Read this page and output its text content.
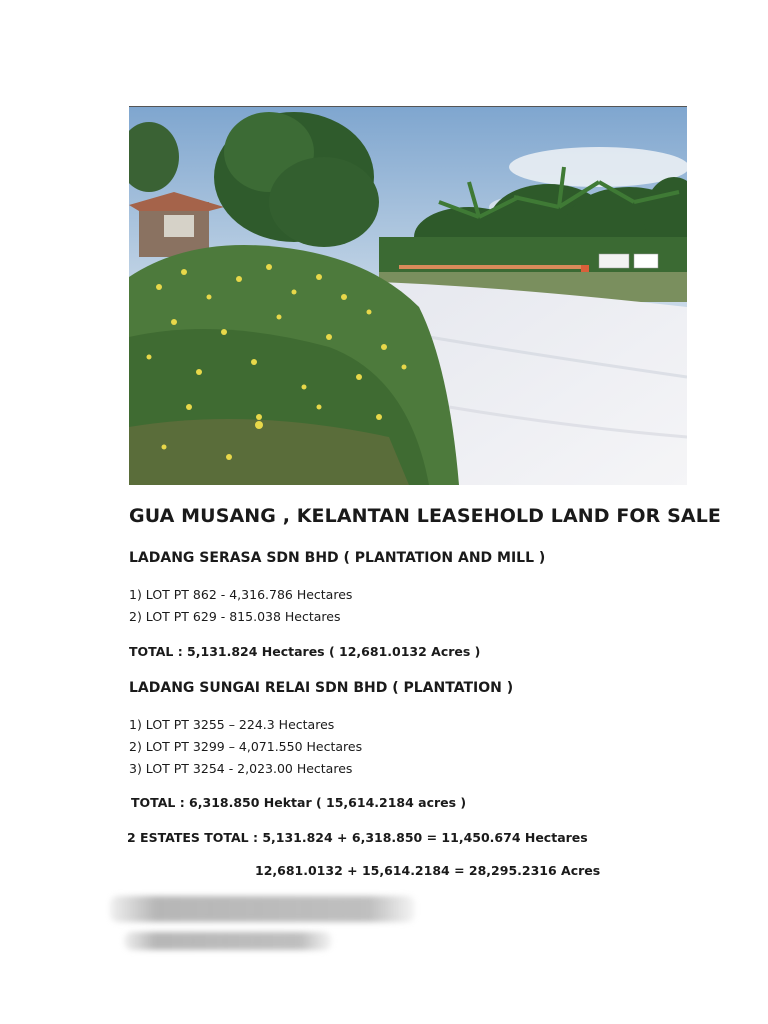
GUA MUSANG , KELANTAN LEASEHOLD LAND FOR SALE
LADANG SERASA SDN BHD ( PLANTATION AND MILL )
1) LOT PT 862 - 4,316.786 Hectares
2) LOT PT 629 - 815.038 Hectares
TOTAL : 5,131.824 Hectares ( 12,681.0132 Acres )
LADANG SUNGAI RELAI SDN BHD ( PLANTATION )
1) LOT PT 3255 – 224.3 Hectares
2) LOT PT 3299 – 4,071.550 Hectares
3) LOT PT 3254 - 2,023.00 Hectares
TOTAL : 6,318.850 Hektar ( 15,614.2184 acres )
2 ESTATES TOTAL : 5,131.824 + 6,318.850 = 11,450.674 Hectares
12,681.0132 + 15,614.2184 = 28,295.2316 Acres
